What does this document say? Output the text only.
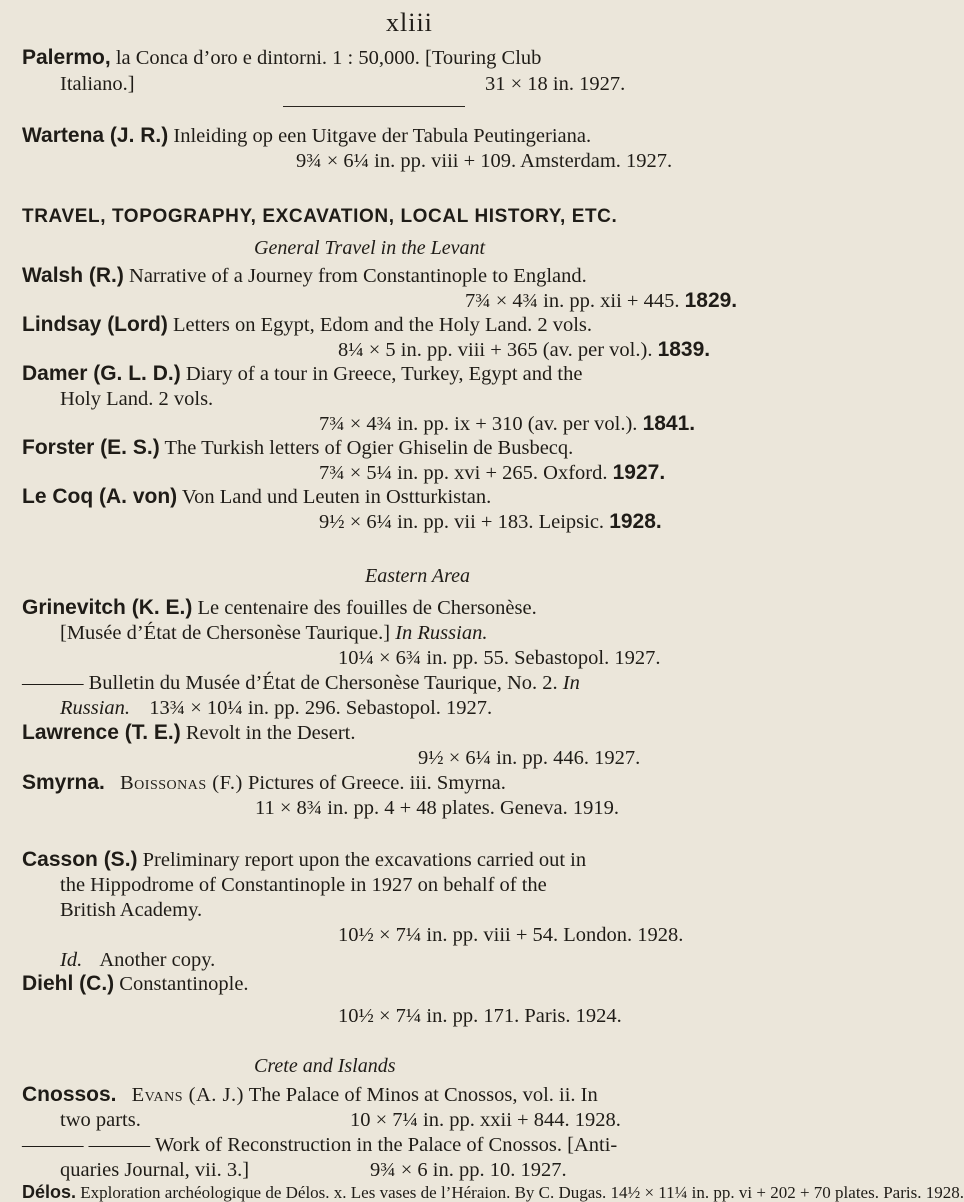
xliii
Palermo, la Conca d’oro e dintorni. 1 : 50,000. [Touring Club
Italiano.]	31 × 18 in. 1927.
Wartena (J. R.) Inleiding op een Uitgave der Tabula Peutingeriana.
9¾ × 6¼ in. pp. viii + 109. Amsterdam. 1927.
TRAVEL, TOPOGRAPHY, EXCAVATION, LOCAL HISTORY, ETC.
General Travel in the Levant
Walsh (R.) Narrative of a Journey from Constantinople to England.
7¾ × 4¾ in. pp. xii + 445. 1829.
Lindsay (Lord) Letters on Egypt, Edom and the Holy Land. 2 vols.
8¼ × 5 in. pp. viii + 365 (av. per vol.). 1839.
Damer (G. L. D.) Diary of a tour in Greece, Turkey, Egypt and the
Holy Land. 2 vols.
7¾ × 4¾ in. pp. ix + 310 (av. per vol.). 1841.
Forster (E. S.) The Turkish letters of Ogier Ghiselin de Busbecq.
7¾ × 5¼ in. pp. xvi + 265. Oxford. 1927.
Le Coq (A. von) Von Land und Leuten in Ostturkistan.
9½ × 6¼ in. pp. vii + 183. Leipsic. 1928.
Eastern Area
Grinevitch (K. E.) Le centenaire des fouilles de Chersonèse.
[Musée d’État de Chersonèse Taurique.] In Russian.
10¼ × 6¾ in. pp. 55. Sebastopol. 1927.
——— Bulletin du Musée d’État de Chersonèse Taurique, No. 2. In
Russian. 13¾ × 10¼ in. pp. 296. Sebastopol. 1927.
Lawrence (T. E.) Revolt in the Desert.
9½ × 6¼ in. pp. 446. 1927.
Smyrna. Boissonas (F.) Pictures of Greece. iii. Smyrna.
11 × 8¾ in. pp. 4 + 48 plates. Geneva. 1919.
Casson (S.) Preliminary report upon the excavations carried out in
the Hippodrome of Constantinople in 1927 on behalf of the
British Academy.
10½ × 7¼ in. pp. viii + 54. London. 1928.
Id. Another copy.
Diehl (C.) Constantinople.
10½ × 7¼ in. pp. 171. Paris. 1924.
Crete and Islands
Cnossos. Evans (A. J.) The Palace of Minos at Cnossos, vol. ii. In
two parts.	10 × 7¼ in. pp. xxii + 844. 1928.
——— ——— Work of Reconstruction in the Palace of Cnossos. [Anti-
quaries Journal, vii. 3.]	9¾ × 6 in. pp. 10. 1927.
Délos. Exploration archéologique de Délos. x. Les vases de l’Héraion. By C. Dugas. 14½ × 11¼ in. pp. vi + 202 + 70 plates. Paris. 1928.
